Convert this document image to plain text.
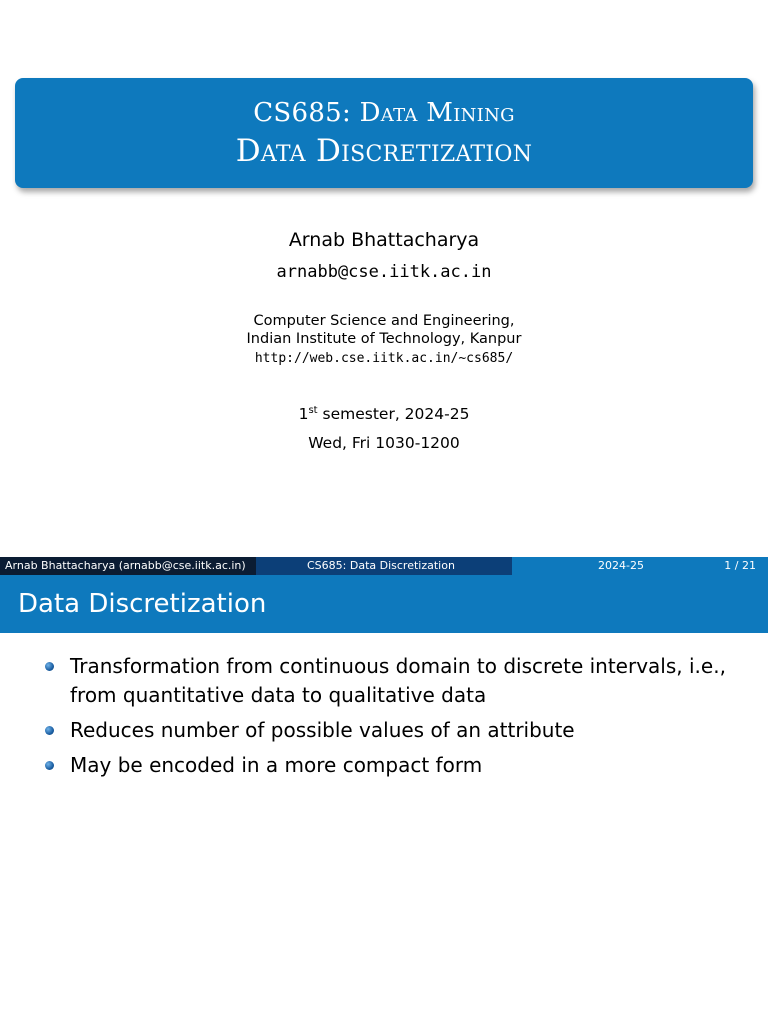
CS685: Data Mining
Data Discretization
Arnab Bhattacharya
arnabb@cse.iitk.ac.in
Computer Science and Engineering,
Indian Institute of Technology, Kanpur
http://web.cse.iitk.ac.in/~cs685/
1st semester, 2024-25
Wed, Fri 1030-1200
Arnab Bhattacharya (arnabb@cse.iitk.ac.in)	CS685: Data Discretization	2024-25	1 / 21
Data Discretization
Transformation from continuous domain to discrete intervals, i.e., from quantitative data to qualitative data
Reduces number of possible values of an attribute
May be encoded in a more compact form
